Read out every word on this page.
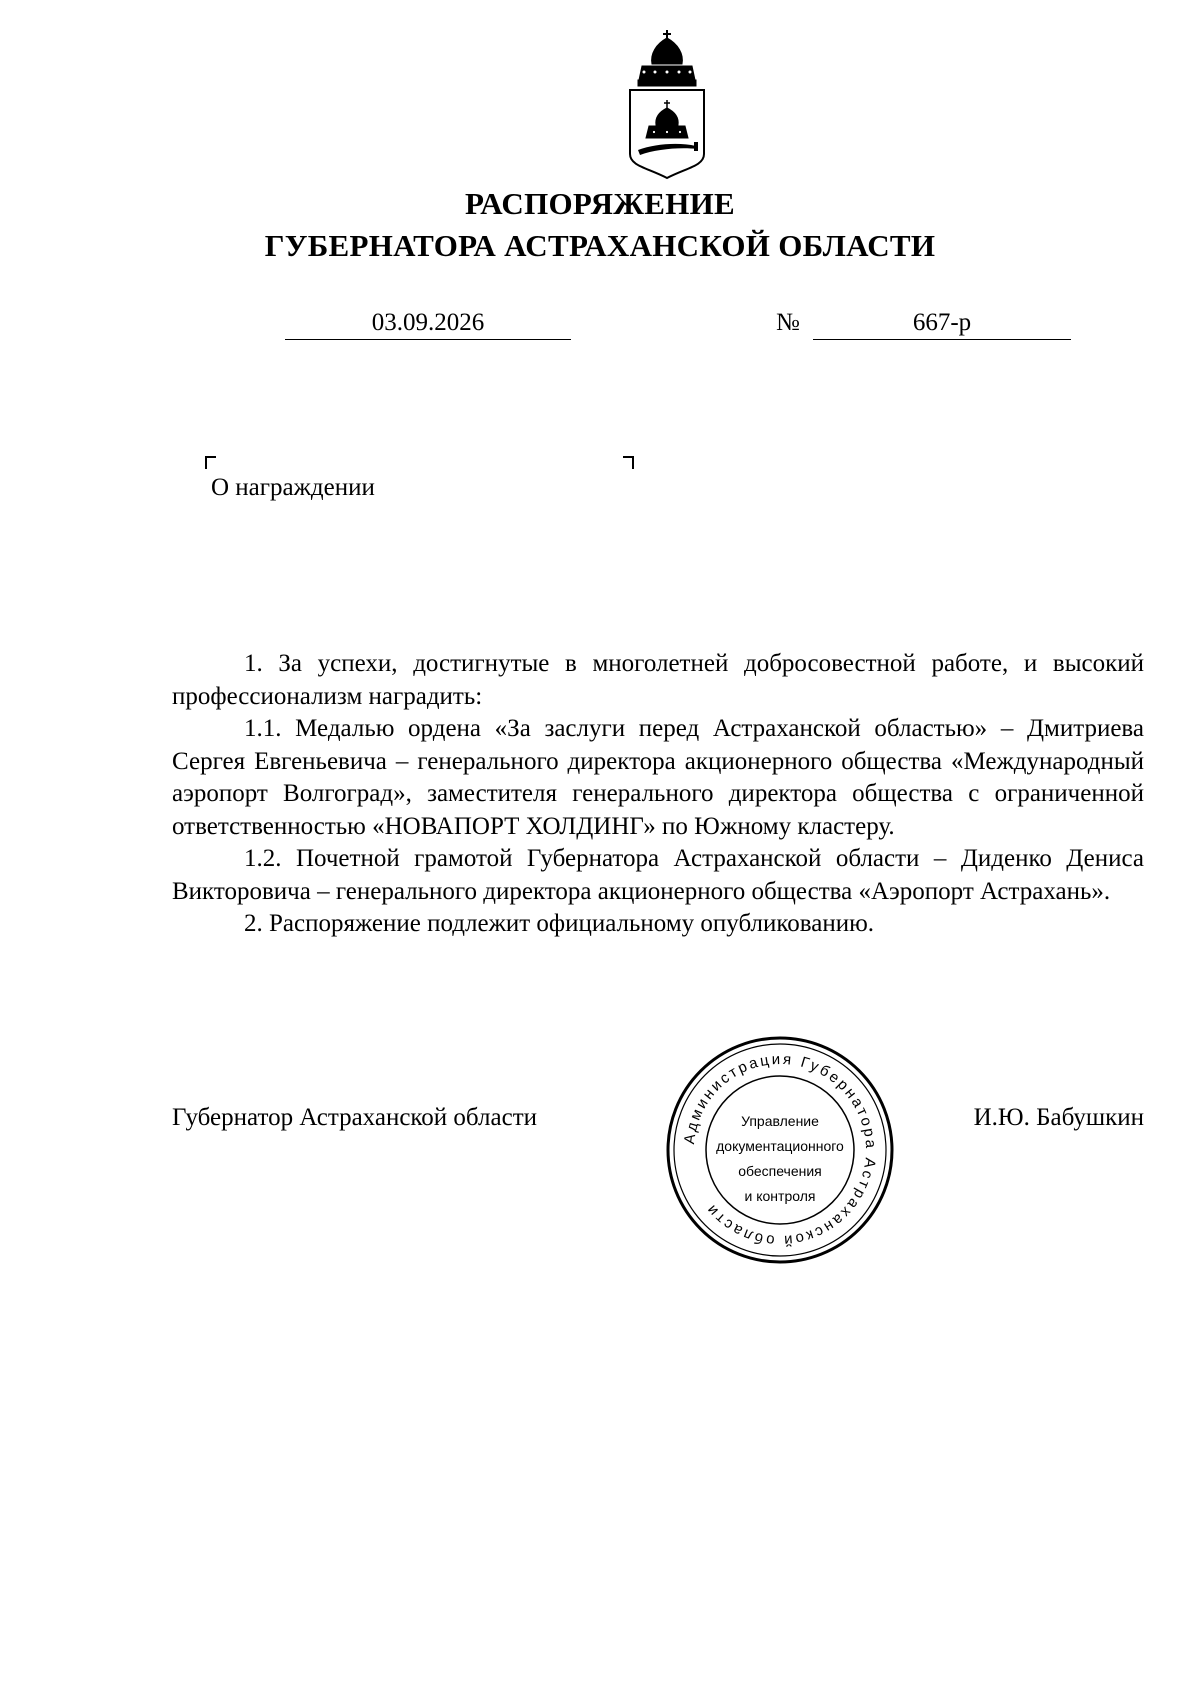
РАСПОРЯЖЕНИЕ
ГУБЕРНАТОРА АСТРАХАНСКОЙ ОБЛАСТИ
03.09.2026	№	667-р
О награждении

1. За успехи, достигнутые в многолетней добросовестной работе, и высокий профессионализм наградить:

1.1. Медалью ордена «За заслуги перед Астраханской областью» – Дмитриева Сергея Евгеньевича – генерального директора акционерного общества «Международный аэропорт Волгоград», заместителя генерального директора общества с ограниченной ответственностью «НОВАПОРТ ХОЛДИНГ» по Южному кластеру.

1.2. Почетной грамотой Губернатора Астраханской области – Диденко Дениса Викторовича – генерального директора акционерного общества «Аэропорт Астрахань».

2. Распоряжение подлежит официальному опубликованию.

Губернатор Астраханской области
Администрация Губернатора Астраханской области
Управление
документационного
обеспечения
и контроля
И.Ю. Бабушкин
